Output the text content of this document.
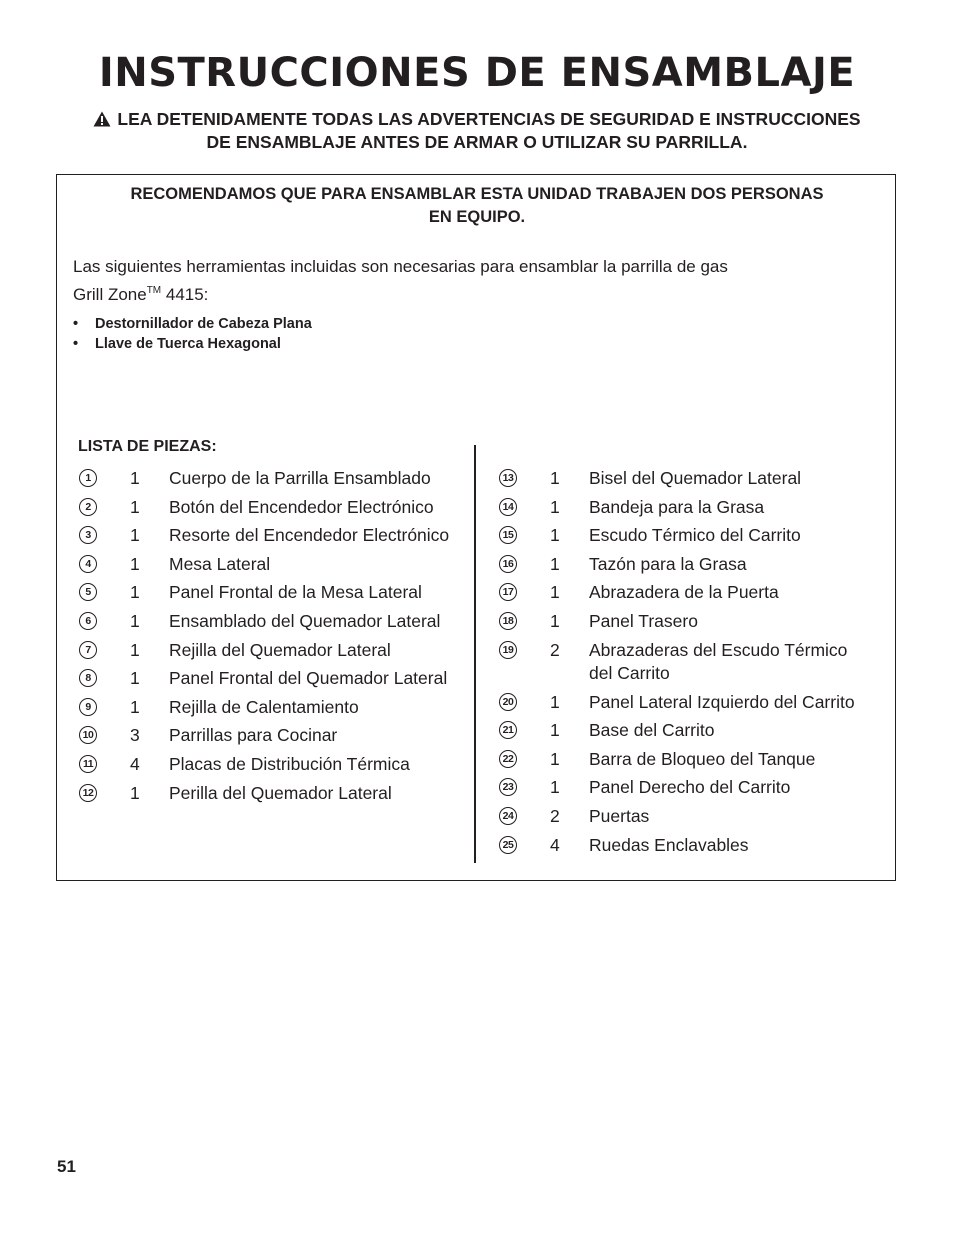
INSTRUCCIONES DE ENSAMBLAJE
LEA DETENIDAMENTE TODAS LAS ADVERTENCIAS DE SEGURIDAD E INSTRUCCIONES
DE ENSAMBLAJE ANTES DE ARMAR O UTILIZAR SU PARRILLA.
RECOMENDAMOS QUE PARA ENSAMBLAR ESTA UNIDAD TRABAJEN DOS PERSONAS
EN EQUIPO.
Las siguientes herramientas incluidas son necesarias para ensamblar la parrilla de gas
Grill Zone™ 4415:
• Destornillador de Cabeza Plana
• Llave de Tuerca Hexagonal
LISTA DE PIEZAS:
1	1 Cuerpo de la Parrilla Ensamblado
2	1 Botón del Encendedor Electrónico
3	1 Resorte del Encendedor Electrónico
4	1 Mesa Lateral
5	1 Panel Frontal de la Mesa Lateral
6	1 Ensamblado del Quemador Lateral
7	1 Rejilla del Quemador Lateral
8	1 Panel Frontal del Quemador Lateral
9	1 Rejilla de Calentamiento
10 3 Parrillas para Cocinar
11 4 Placas de Distribución Térmica
12 1 Perilla del Quemador Lateral
13 1 Bisel del Quemador Lateral
14 1 Bandeja para la Grasa
15 1 Escudo Térmico del Carrito
16 1 Tazón para la Grasa
17 1 Abrazadera de la Puerta
18 1 Panel Trasero
19 2 Abrazaderas del Escudo Térmico del Carrito
20 1 Panel Lateral Izquierdo del Carrito
21 1 Base del Carrito
22 1 Barra de Bloqueo del Tanque
23 1 Panel Derecho del Carrito
24 2 Puertas
25 4 Ruedas Enclavables
51
